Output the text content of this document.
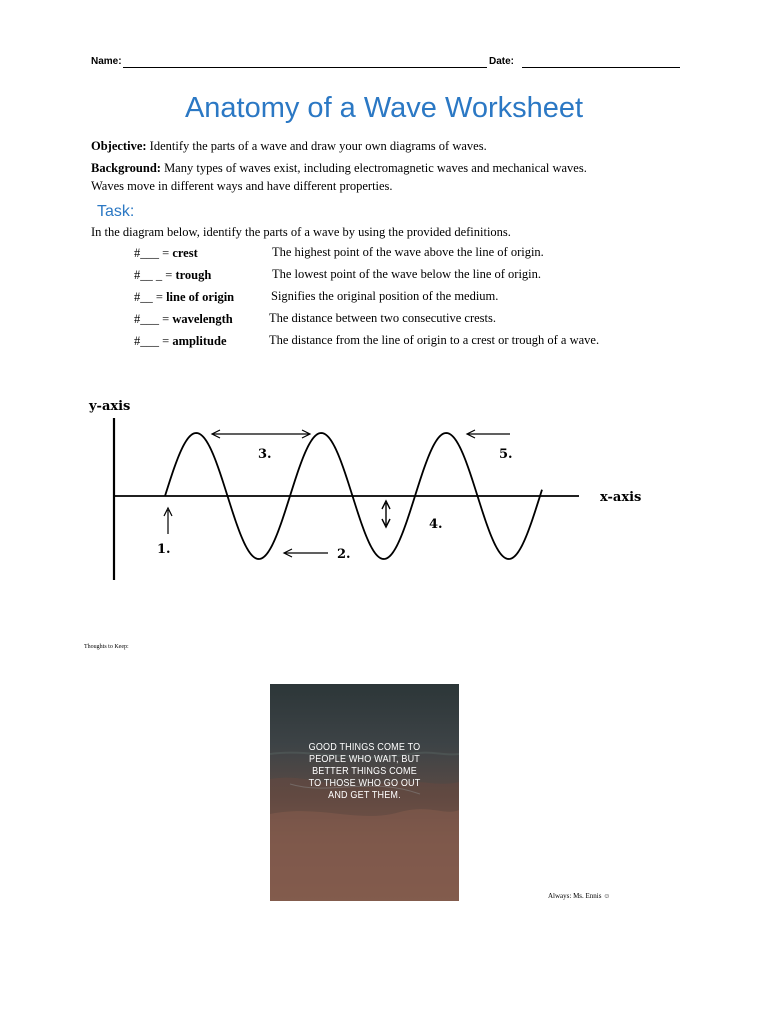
Name:	Date:
Anatomy of a Wave Worksheet
Objective: Identify the parts of a wave and draw your own diagrams of waves.
Background: Many types of waves exist, including electromagnetic waves and mechanical waves.
Waves move in different ways and have different properties.
Task:
In the diagram below, identify the parts of a wave by using the provided definitions.
#___ = crest	The highest point of the wave above the line of origin.
#__ _ = trough	The lowest point of the wave below the line of origin.
#__ = line of origin	Signifies the original position of the medium.
#___ = wavelength	The distance between two consecutive crests.
#___ = amplitude	The distance from the line of origin to a crest or trough of a wave.
y-axis
x-axis
1.	2.
3.
4.
5.
Thoughts to Keep:
GOOD THINGS COME TO
PEOPLE WHO WAIT, BUT
BETTER THINGS COME
TO THOSE WHO GO OUT
AND GET THEM.
Always: Ms. Ennis ☺
